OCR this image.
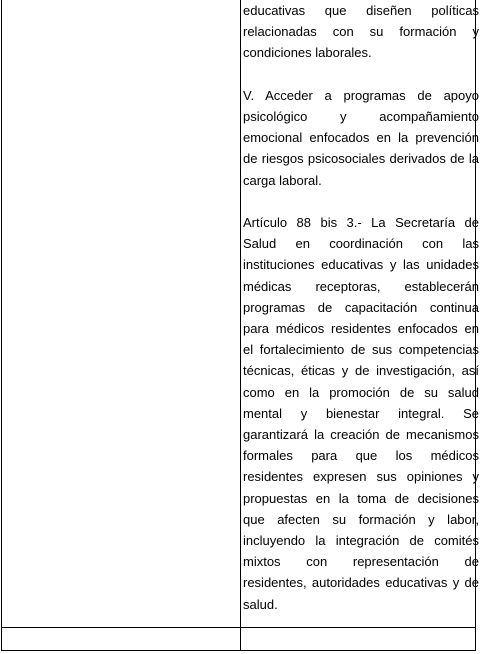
educativas que diseñen políticas relacionadas con su formación y condiciones laborales.

V. Acceder a programas de apoyo psicológico y acompañamiento emocional enfocados en la prevención de riesgos psicosociales derivados de la carga laboral.

Artículo 88 bis 3.- La Secretaría de Salud en coordinación con las instituciones educativas y las unidades médicas receptoras, establecerán programas de capacitación continua para médicos residentes enfocados en el fortalecimiento de sus competencias técnicas, éticas y de investigación, así como en la promoción de su salud mental y bienestar integral. Se garantizará la creación de mecanismos formales para que los médicos residentes expresen sus opiniones y propuestas en la toma de decisiones que afecten su formación y labor, incluyendo la integración de comités mixtos con representación de residentes, autoridades educativas y de salud.
